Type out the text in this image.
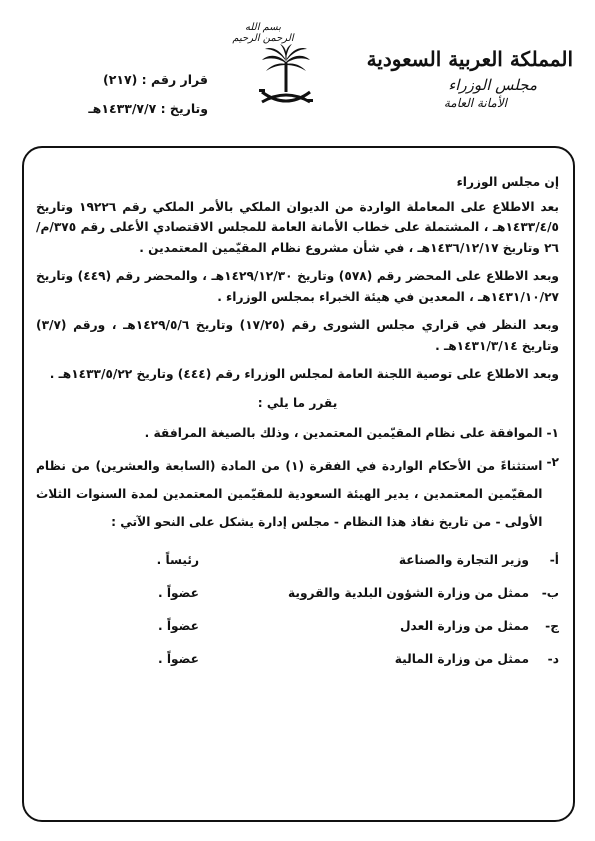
المملكة العربية السعودية
مجلس الوزراء
الأمانة العامة
بسم الله الرحمن الرحيم
قرار رقم : (٢١٧)
وتاريخ : ١٤٣٣/٧/٧هـ

إن مجلس الوزراء

بعد الاطلاع على المعاملة الواردة من الديوان الملكي بالأمر الملكي رقم ١٩٢٢٦ وتاريخ ١٤٣٣/٤/٥هـ ، المشتملة على خطاب الأمانة العامة للمجلس الاقتصادي الأعلى رقم ٣٧٥/م/٢٦ وتاريخ ١٤٣٦/١٢/١٧هـ ، في شأن مشروع نظام المقيّمين المعتمدين .

وبعد الاطلاع على المحضر رقم (٥٧٨) وتاريخ ١٤٢٩/١٢/٣٠هـ ، والمحضر رقم (٤٤٩) وتاريخ ١٤٣١/١٠/٢٧هـ ، المعدين في هيئة الخبراء بمجلس الوزراء .

وبعد النظر في قراري مجلس الشورى رقم (١٧/٢٥) وتاريخ ١٤٢٩/٥/٦هـ ، ورقم (٣/٧) وتاريخ ١٤٣١/٣/١٤هـ .

وبعد الاطلاع على توصية اللجنة العامة لمجلس الوزراء رقم (٤٤٤) وتاريخ ١٤٣٣/٥/٢٢هـ .

يقرر ما يلي :

١-
الموافقة على نظام المقيّمين المعتمدين ، وذلك بالصيغة المرافقة .

٢-
استثناءً من الأحكام الواردة في الفقرة (١) من المادة (السابعة والعشرين) من نظام المقيّمين المعتمدين ، يدير الهيئة السعودية للمقيّمين المعتمدين لمدة السنوات الثلاث الأولى - من تاريخ نفاذ هذا النظام - مجلس إدارة يشكل على النحو الآتي :

أ-
وزير التجارة والصناعة
رئيساً .
ب-
ممثل من وزارة الشؤون البلدية والقروية
عضواً .
ج-
ممثل من وزارة العدل
عضواً .
د-
ممثل من وزارة المالية
عضواً .
